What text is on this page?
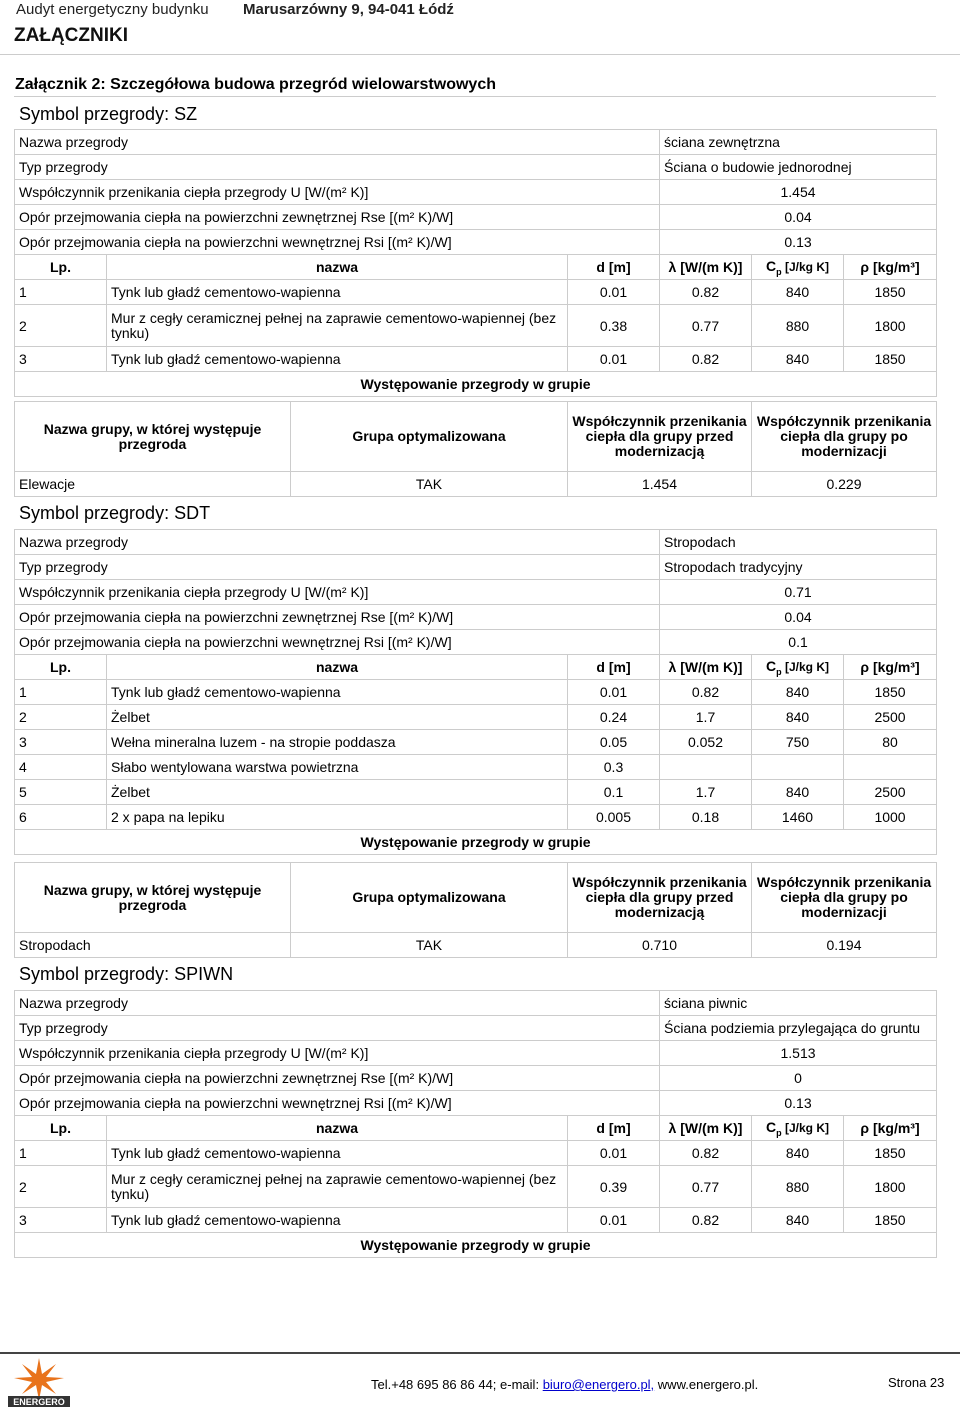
Audyt energetyczny budynku Marusarzówny 9, 94-041 Łódź
ZAŁĄCZNIKI
Załącznik 2: Szczegółowa budowa przegród wielowarstwowych
Symbol przegrody: SZ
Nazwa przegrody			ściana zewnętrzna		
Typ przegrody			Ściana o budowie jednorodnej		
Współczynnik przenikania ciepła przegrody U [W/(m² K)]			1.454		
Opór przejmowania ciepła na powierzchni zewnętrznej Rse [(m² K)/W]			0.04		
Opór przejmowania ciepła na powierzchni wewnętrznej Rsi [(m² K)/W]			0.13		
Lp.	nazwa	d [m]	λ [W/(m K)]	$C_p$ [J/kg K]	ρ [kg/m³]
1	Tynk lub gładź cementowo-wapienna	0.01	0.82	840	1850
2	Mur z cegły ceramicznej pełnej na zaprawie cementowo-wapiennej (bez tynku)	0.38	0.77	880	1800
3	Tynk lub gładź cementowo-wapienna	0.01	0.82	840	1850
Występowanie przegrody w grupie					
Symbol przegrody: SDT
Nazwa przegrody			Stropodach		
Typ przegrody			Stropodach tradycyjny		
Współczynnik przenikania ciepła przegrody U [W/(m² K)]			0.71		
Opór przejmowania ciepła na powierzchni zewnętrznej Rse [(m² K)/W]			0.04		
Opór przejmowania ciepła na powierzchni wewnętrznej Rsi [(m² K)/W]			0.1		
Lp.	nazwa	d [m]	λ [W/(m K)]	$C_p$ [J/kg K]	ρ [kg/m³]
1	Tynk lub gładź cementowo-wapienna	0.01	0.82	840	1850
2	Żelbet	0.24	1.7	840	2500
3	Wełna mineralna luzem - na stropie poddasza	0.05	0.052	750	80
4	Słabo wentylowana warstwa powietrzna	0.3			
5	Żelbet	0.1	1.7	840	2500
6	2 x papa na lepiku	0.005	0.18	1460	1000
Występowanie przegrody w grupie					
Nazwa grupy, w której występuje przegroda	Grupa optymalizowana	Współczynnik przenikania ciepła dla grupy przed modernizacją	Współczynnik przenikania ciepła dla grupy po modernizacji
Elewacje	TAK	1.454	0.229
Nazwa grupy, w której występuje przegroda	Grupa optymalizowana	Współczynnik przenikania ciepła dla grupy przed modernizacją	Współczynnik przenikania ciepła dla grupy po modernizacji
Stropodach	TAK	0.710	0.194
Symbol przegrody: SPIWN
Nazwa przegrody			ściana piwnic		
Typ przegrody			Ściana podziemia przylegająca do gruntu		
Współczynnik przenikania ciepła przegrody U [W/(m² K)]			1.513		
Opór przejmowania ciepła na powierzchni zewnętrznej Rse [(m² K)/W]			0		
Opór przejmowania ciepła na powierzchni wewnętrznej Rsi [(m² K)/W]			0.13		
Lp.	nazwa	d [m]	λ [W/(m K)]	$C_p$ [J/kg K]	ρ [kg/m³]
1	Tynk lub gładź cementowo-wapienna	0.01	0.82	840	1850
2	Mur z cegły ceramicznej pełnej na zaprawie cementowo-wapiennej (bez tynku)	0.39	0.77	880	1800
3	Tynk lub gładź cementowo-wapienna	0.01	0.82	840	1850
Występowanie przegrody w grupie					
ENERGERO
Tel.+48 695 86 86 44; e-mail: biuro@energero.pl, www.energero.pl.	Strona 23
